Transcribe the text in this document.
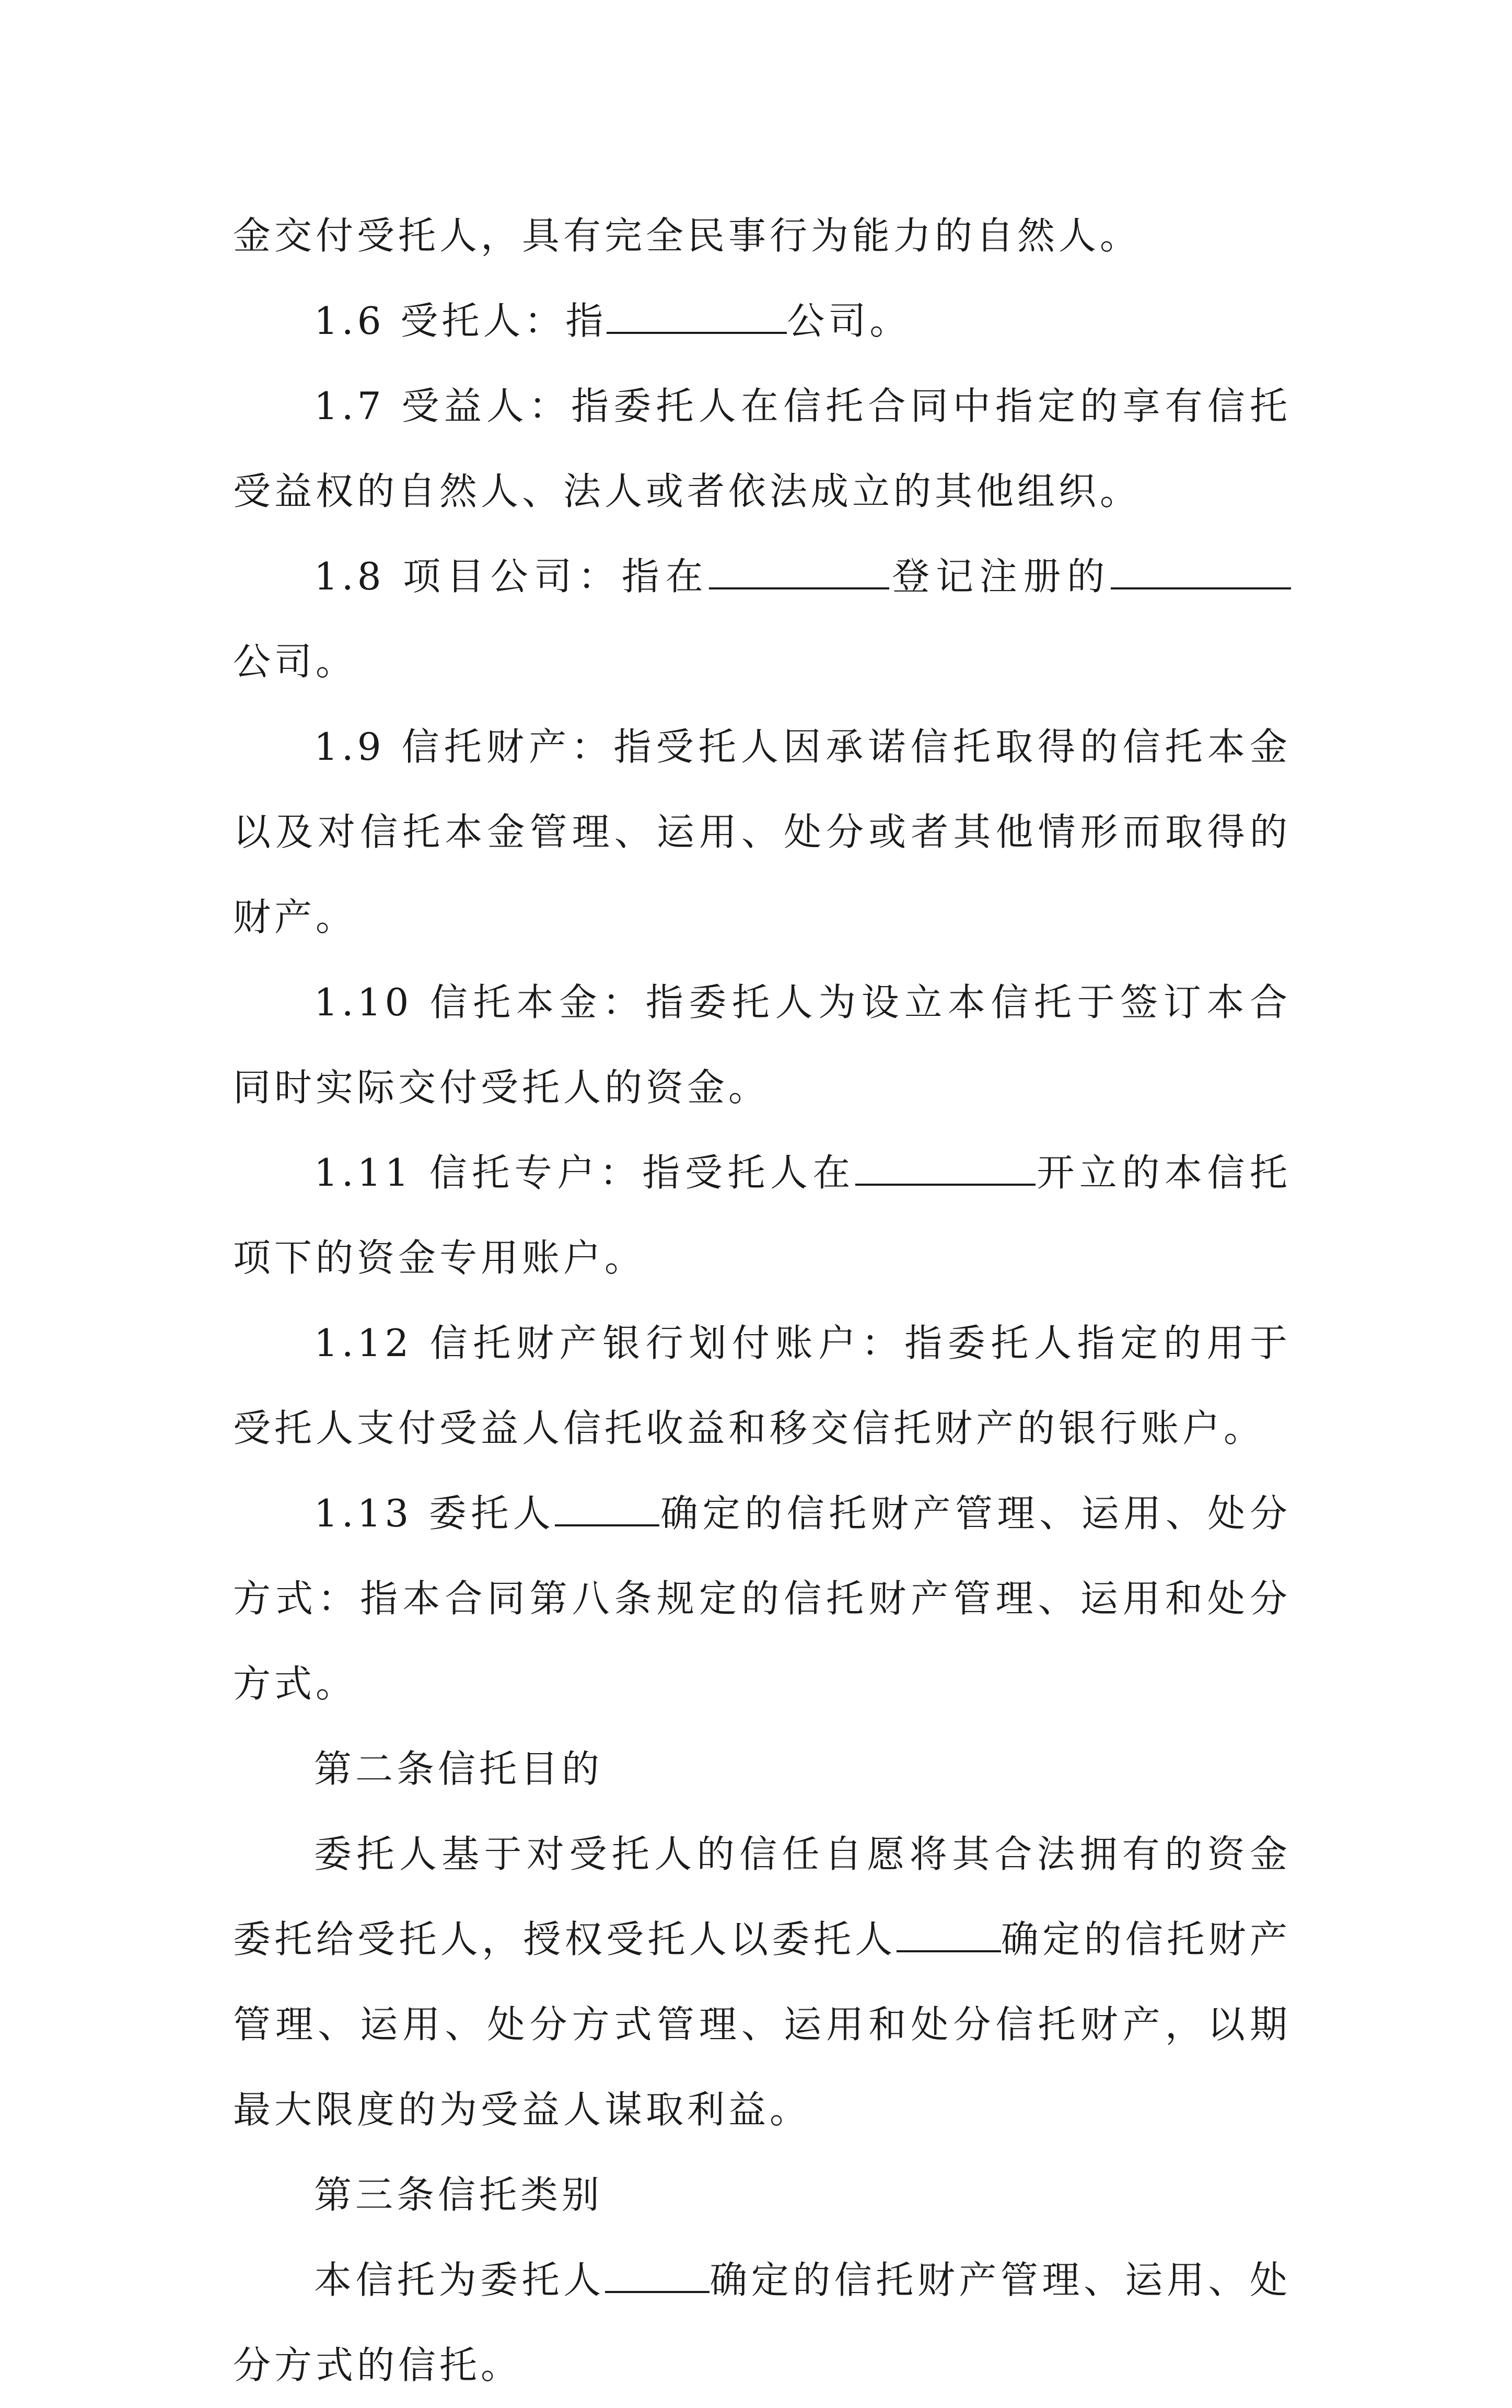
金交付受托人，具有完全民事行为能力的自然人。

1.6 受托人：指	公司。

1.7 受益人：指委托人在信托合同中指定的享有信托受益权的自然人、法人或者依法成立的其他组织。

1.8 项目公司：指在	登记注册的公司。

1.9 信托财产：指受托人因承诺信托取得的信托本金以及对信托本金管理、运用、处分或者其他情形而取得的财产。

1.10 信托本金：指委托人为设立本信托于签订本合同时实际交付受托人的资金。

1.11 信托专户：指受托人在	开立的本信托项下的资金专用账户。

1.12 信托财产银行划付账户：指委托人指定的用于受托人支付受益人信托收益和移交信托财产的银行账户。

1.13 委托人	确定的信托财产管理、运用、处分方式：指本合同第八条规定的信托财产管理、运用和处分方式。

第二条信托目的

委托人基于对受托人的信任自愿将其合法拥有的资金委托给受托人，授权受托人以委托人	确定的信托财产管理、运用、处分方式管理、运用和处分信托财产，以期最大限度的为受益人谋取利益。

第三条信托类别

本信托为委托人	确定的信托财产管理、运用、处分方式的信托。
